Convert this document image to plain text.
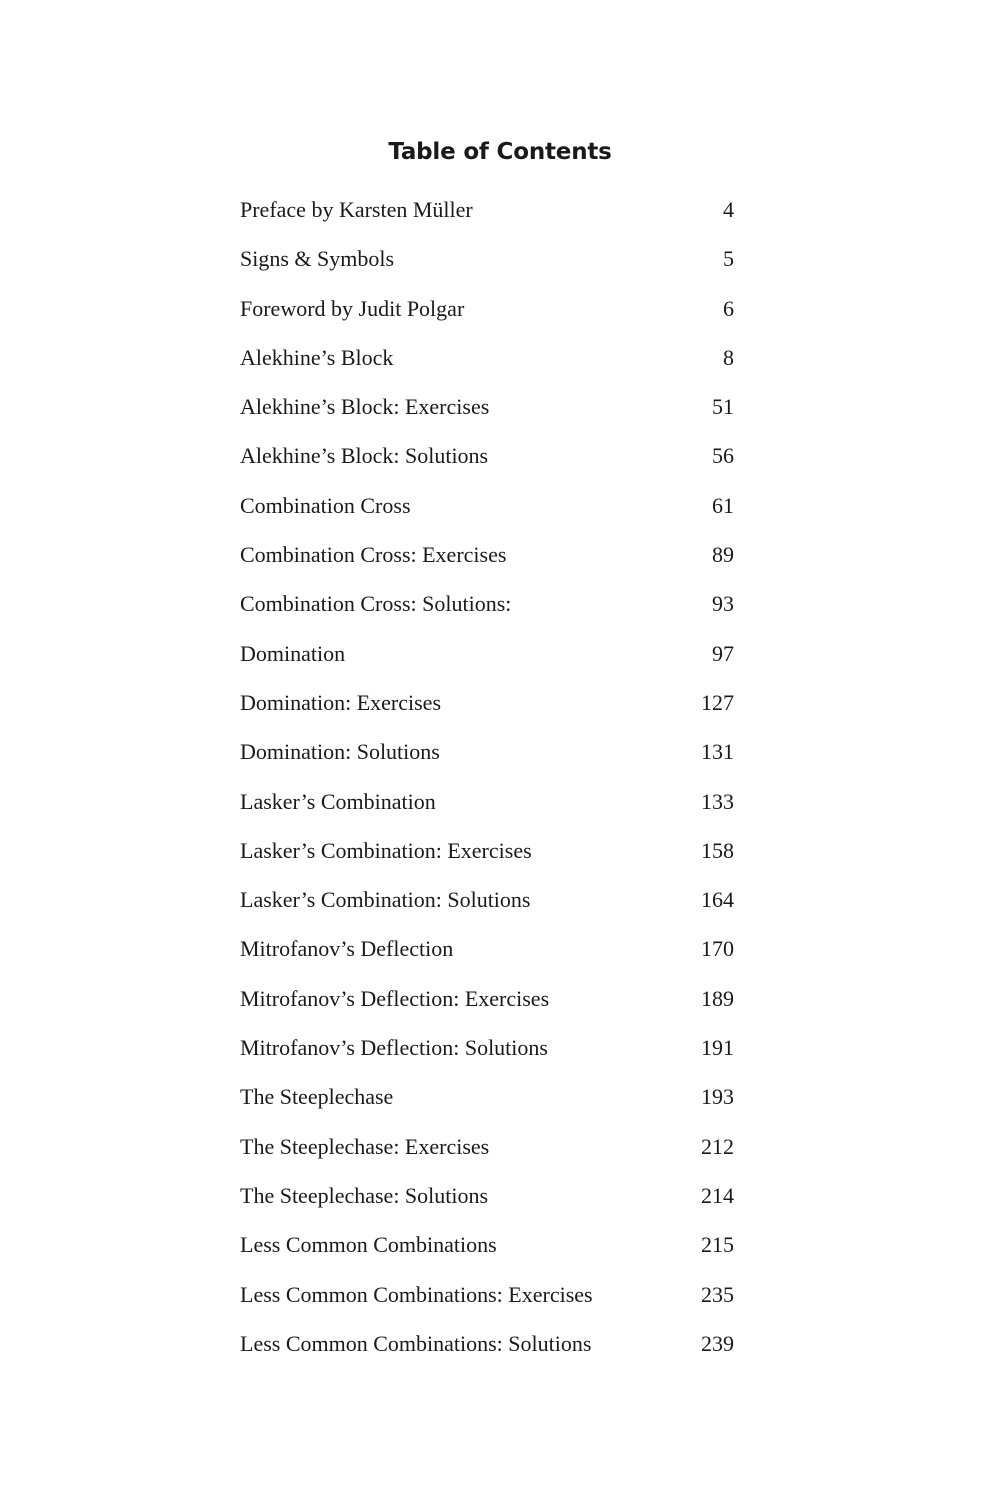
Table of Contents
Preface by Karsten Müller	4
Signs & Symbols	5
Foreword by Judit Polgar	6
Alekhine’s Block	8
Alekhine’s Block: Exercises	51
Alekhine’s Block: Solutions	56
Combination Cross	61
Combination Cross: Exercises	89
Combination Cross: Solutions:	93
Domination	97
Domination: Exercises	127
Domination: Solutions	131
Lasker’s Combination	133
Lasker’s Combination: Exercises	158
Lasker’s Combination: Solutions	164
Mitrofanov’s Deflection	170
Mitrofanov’s Deflection: Exercises	189
Mitrofanov’s Deflection: Solutions	191
The Steeplechase	193
The Steeplechase: Exercises	212
The Steeplechase: Solutions	214
Less Common Combinations	215
Less Common Combinations: Exercises	235
Less Common Combinations: Solutions	239
